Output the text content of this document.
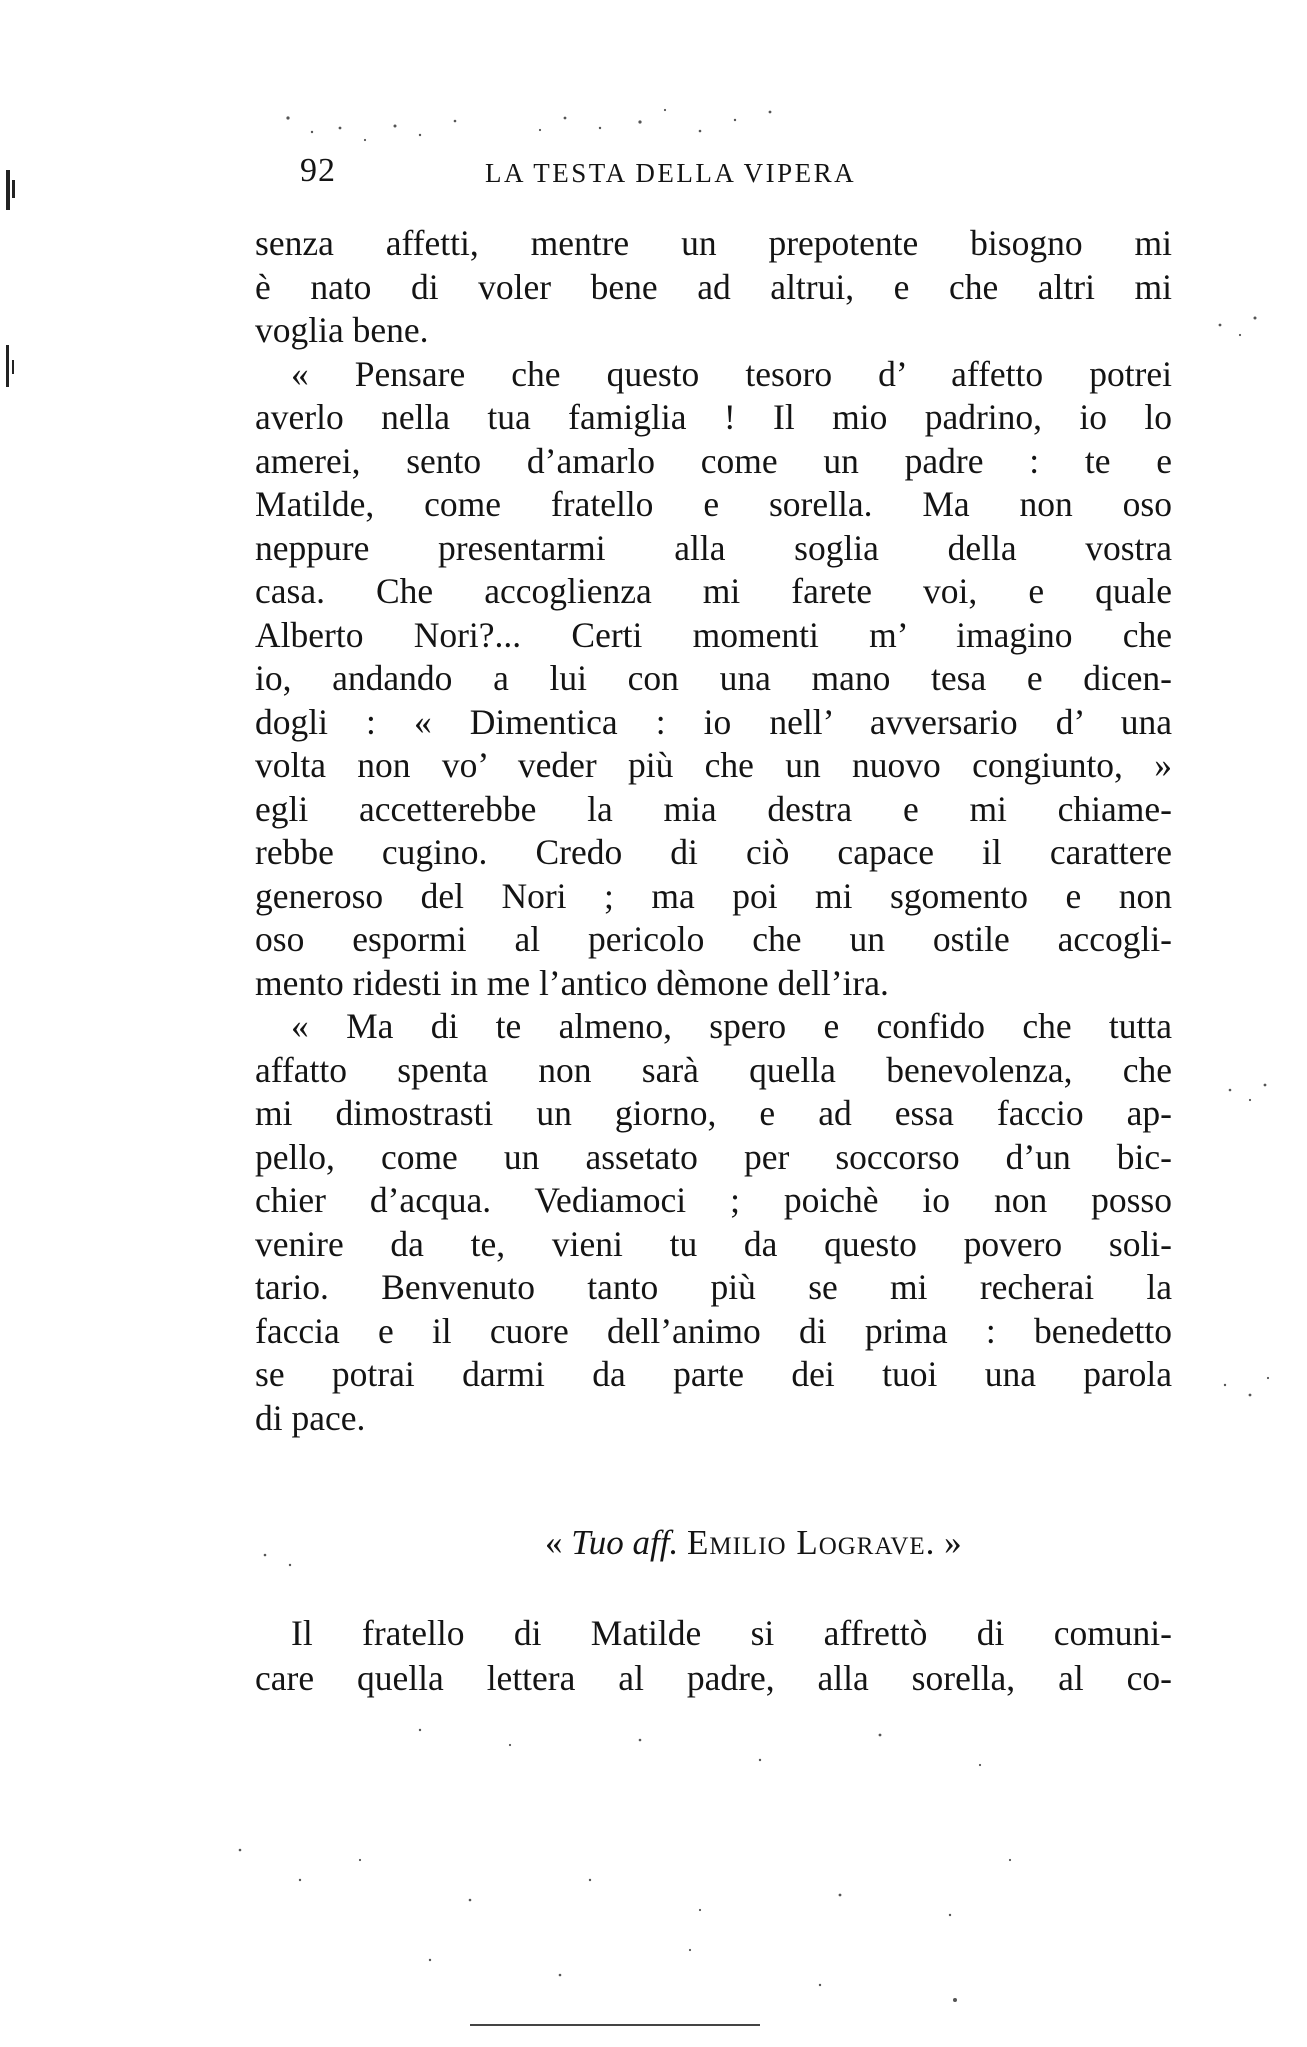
92	LA TESTA DELLA VIPERA
senza affetti, mentre un prepotente bisogno mi
è nato di voler bene ad altrui, e che altri mi
voglia bene.
« Pensare che questo tesoro d’ affetto potrei
averlo nella tua famiglia ! Il mio padrino, io lo
amerei, sento d’amarlo come un padre : te e
Matilde, come fratello e sorella. Ma non oso
neppure presentarmi alla soglia della vostra
casa. Che accoglienza mi farete voi, e quale
Alberto Nori?... Certi momenti m’ imagino che
io, andando a lui con una mano tesa e dicen-
dogli : « Dimentica : io nell’ avversario d’ una
volta non vo’ veder più che un nuovo congiunto, »
egli accetterebbe la mia destra e mi chiame-
rebbe cugino. Credo di ciò capace il carattere
generoso del Nori ; ma poi mi sgomento e non
oso espormi al pericolo che un ostile accogli-
mento ridesti in me l’antico dèmone dell’ira.
« Ma di te almeno, spero e confido che tutta
affatto spenta non sarà quella benevolenza, che
mi dimostrasti un giorno, e ad essa faccio ap-
pello, come un assetato per soccorso d’un bic-
chier d’acqua. Vediamoci ; poichè io non posso
venire da te, vieni tu da questo povero soli-
tario. Benvenuto tanto più se mi recherai la
faccia e il cuore dell’animo di prima : benedetto
se potrai darmi da parte dei tuoi una parola
di pace.
« Tuo aff. Emilio Lograve. »
Il fratello di Matilde si affrettò di comuni-
care quella lettera al padre, alla sorella, al co-
